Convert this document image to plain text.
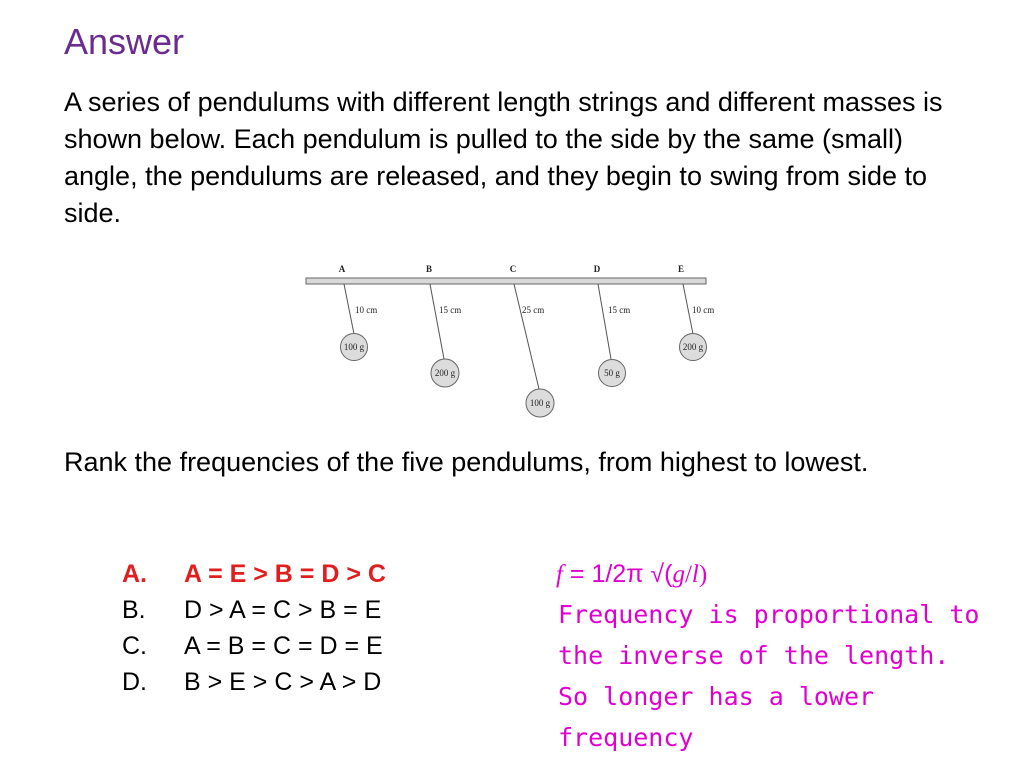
Answer
A series of pendulums with different length strings and different masses is shown below. Each pendulum is pulled to the side by the same (small) angle, the pendulums are released, and they begin to swing from side to side.
A
10 cm
100 g
B
15 cm
200 g
C
25 cm
100 g
D
15 cm
50 g
E
10 cm
200 g
Rank the frequencies of the five pendulums, from highest to lowest.
A.	A = E > B = D > C
B.	D > A = C > B = E
C.	A = B = C = D = E
D.	B > E > C > A > D
f = 1/2π √(g/l)
Frequency is proportional to
the inverse of the length.
So longer has a lower
frequency
